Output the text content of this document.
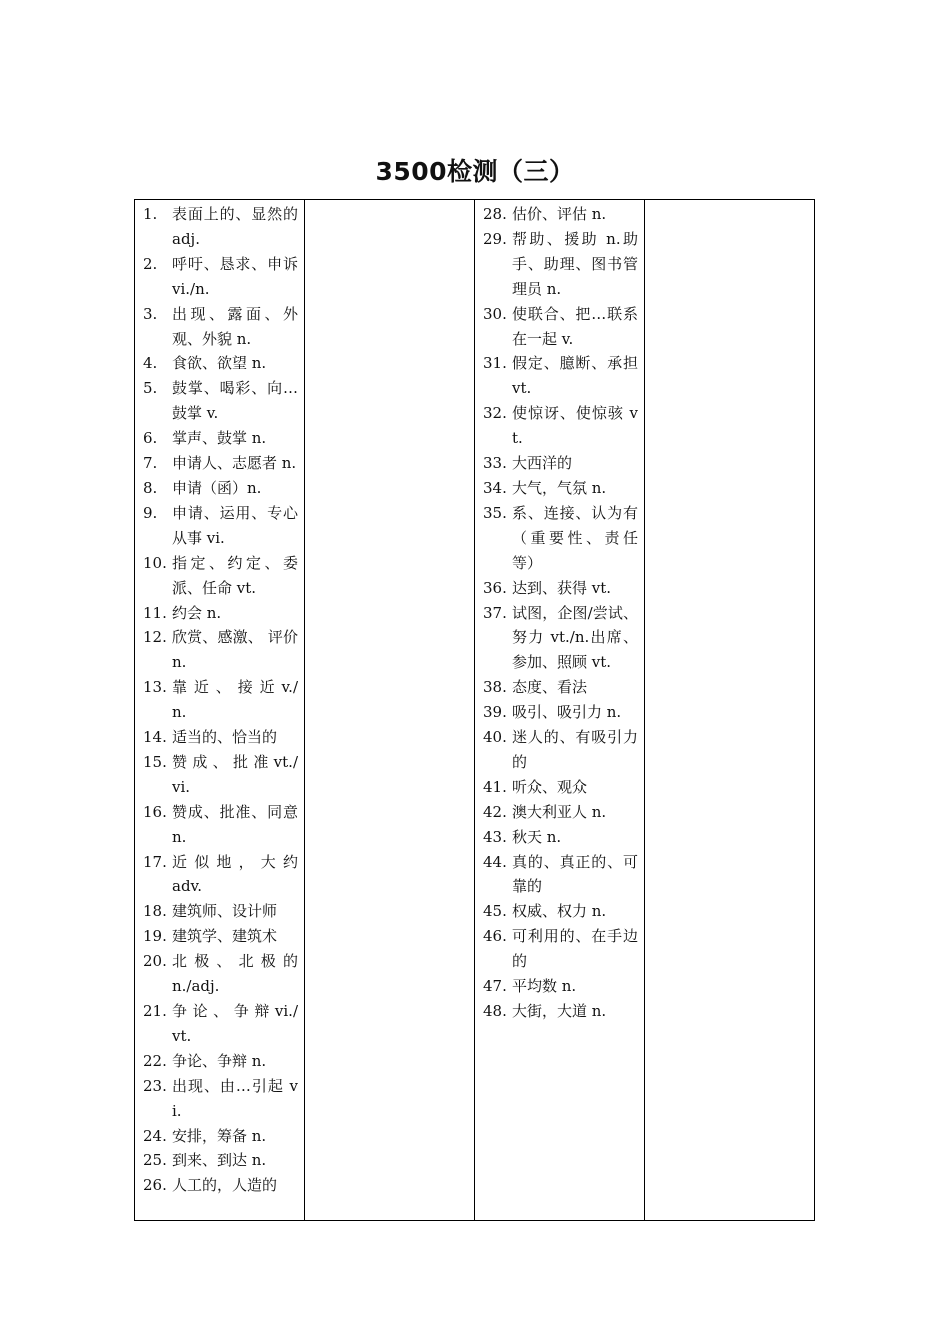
3500检测（三）
1. 表面上的、显然的 adj.
2. 呼吁、恳求、申诉 vi./n.
3. 出现、露面、外观、外貌 n.
4. 食欲、欲望 n.
5. 鼓掌、喝彩、向…鼓掌 v.
6. 掌声、鼓掌 n.
7. 申请人、志愿者 n.
8. 申请（函）n.
9. 申请、运用、专心从事 vi.
10. 指定、约定、委派、任命 vt.
11. 约会 n.
12. 欣赏、感激、 评价 n.
13. 靠 近 、 接 近 v./n.
14. 适当的、恰当的
15. 赞 成 、 批 准 vt./vi.
16. 赞成、批准、同意 n.
17. 近 似 地 ， 大 约 adv.
18. 建筑师、设计师
19. 建筑学、建筑术
20. 北 极 、 北 极 的 n./adj.
21. 争 论 、 争 辩 vi./vt.
22. 争论、争辩 n.
23. 出现、由…引起 vi.
24. 安排，筹备 n.
25. 到来、到达 n.
26. 人工的，人造的

28. 估价、评估 n.
29. 帮助、援助 n.助手、助理、图书管理员 n.
30. 使联合、把…联系在一起 v.
31. 假定、臆断、承担 vt.
32. 使惊讶、使惊骇 vt.
33. 大西洋的
34. 大气，气氛 n.
35. 系、连接、认为有（重要性、责任等）
36. 达到、获得 vt.
37. 试图，企图/尝试、努力 vt./n.出席、参加、照顾 vt.
38. 态度、看法
39. 吸引、吸引力 n.
40. 迷人的、有吸引力的
41. 听众、观众
42. 澳大利亚人 n.
43. 秋天 n.
44. 真的、真正的、可靠的
45. 权威、权力 n.
46. 可利用的、在手边的
47. 平均数 n.
48. 大街，大道 n.
